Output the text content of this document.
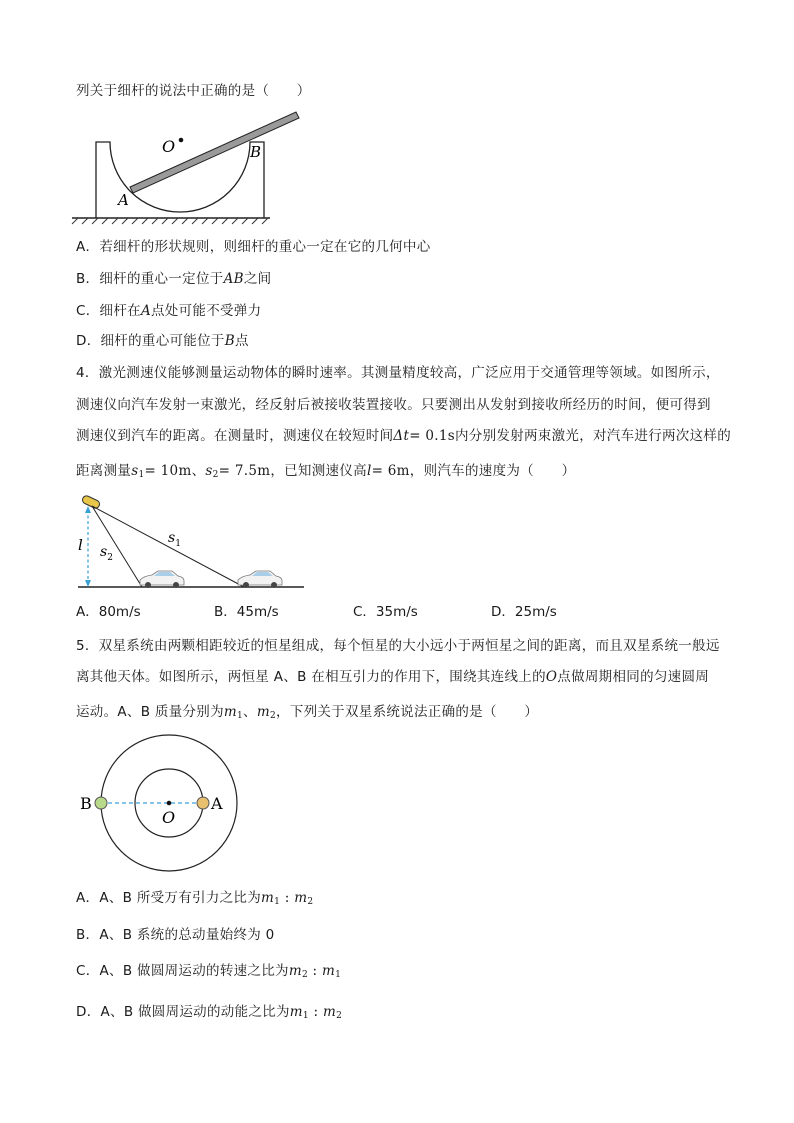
列关于细杆的说法中正确的是（　　）
O
A
B
A．若细杆的形状规则，则细杆的重心一定在它的几何中心
B．细杆的重心一定位于AB之间
C．细杆在A点处可能不受弹力
D．细杆的重心可能位于B点
4．激光测速仪能够测量运动物体的瞬时速率。其测量精度较高，广泛应用于交通管理等领域。如图所示，
测速仪向汽车发射一束激光，经反射后被接收装置接收。只要测出从发射到接收所经历的时间，便可得到
测速仪到汽车的距离。在测量时，测速仪在较短时间Δt= 0.1s内分别发射两束激光，对汽车进行两次这样的
距离测量$s_1= 10m$、$s_2= 7.5m$，已知测速仪高l= 6m，则汽车的速度为（　　）
l $s_2$
$s_1$
A．80m/s	B．45m/s	C．35m/s	D．25m/s
5．双星系统由两颗相距较近的恒星组成，每个恒星的大小远小于两恒星之间的距离，而且双星系统一般远
离其他天体。如图所示，两恒星 A、B 在相互引力的作用下，围绕其连线上的O点做周期相同的匀速圆周
运动。A、B 质量分别为$m_1$、$m_2$，下列关于双星系统说法正确的是（　　）
B	A
O
A．A、B 所受万有引力之比为$m_1$ : $m_2$
B．A、B 系统的总动量始终为 0
C．A、B 做圆周运动的转速之比为$m_2$ : $m_1$
D．A、B 做圆周运动的动能之比为$m_1$ : $m_2$
